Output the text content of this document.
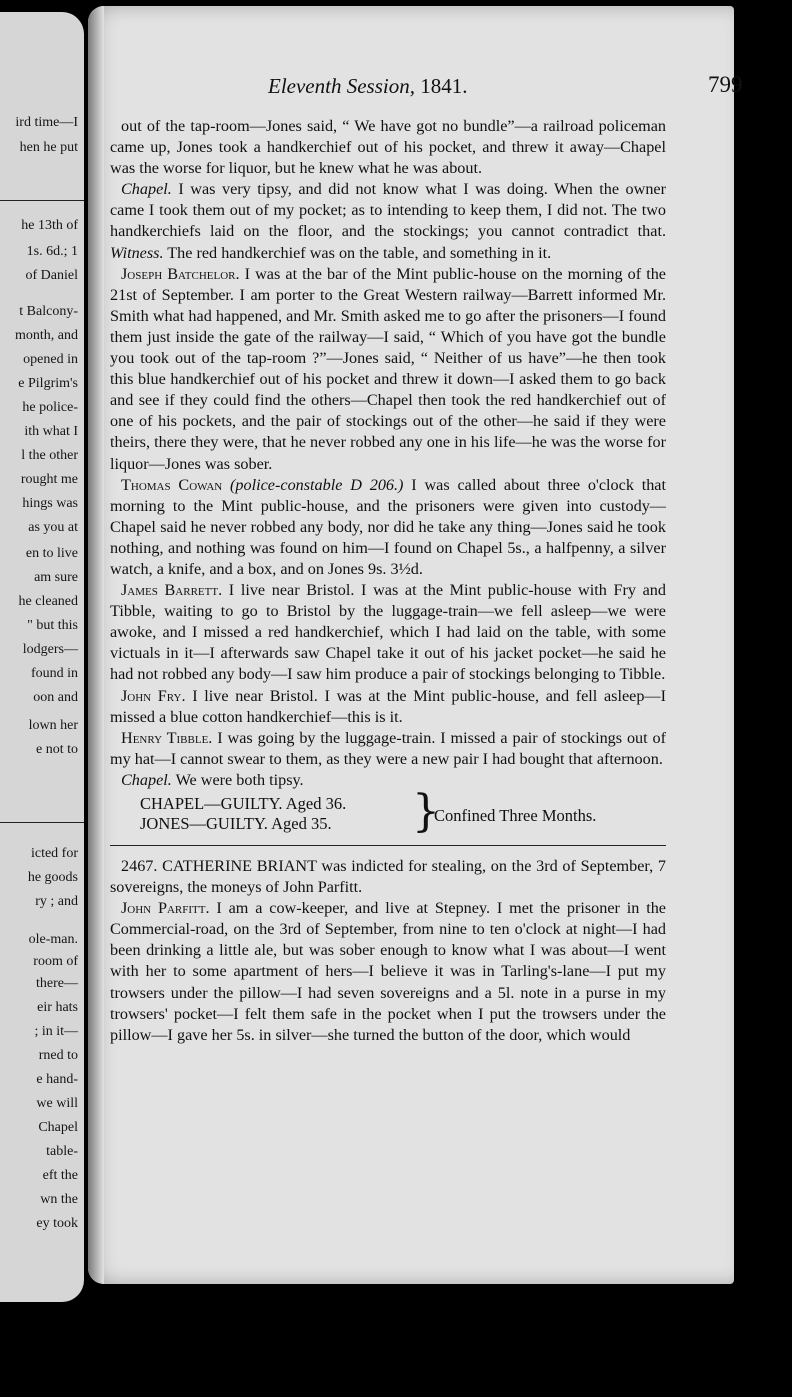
ird time—I
hen he put
he 13th of
1s. 6d.; 1
of Daniel
t Balcony-
month, and
opened in
e Pilgrim's
he police-
ith what I
l the other
rought me
hings was
as you at
en to live
am sure
he cleaned
" but this
lodgers—
found in
oon and
lown her
e not to
icted for
he goods
ry ; and
ole-man.
room of
there—
eir hats
; in it—
rned to
e hand-
we will
Chapel
table-
eft the
wn the
ey took
Eleventh Session, 1841.	799

out of the tap-room—Jones said, “ We have got no bundle”—a railroad policeman came up, Jones took a handkerchief out of his pocket, and threw it away—Chapel was the worse for liquor, but he knew what he was about.

Chapel. I was very tipsy, and did not know what I was doing. When the owner came I took them out of my pocket; as to intending to keep them, I did not. The two handkerchiefs laid on the floor, and the stockings; you cannot contradict that. Witness. The red handkerchief was on the table, and something in it.

Joseph Batchelor. I was at the bar of the Mint public-house on the morning of the 21st of September. I am porter to the Great Western railway—Barrett informed Mr. Smith what had happened, and Mr. Smith asked me to go after the prisoners—I found them just inside the gate of the railway—I said, “ Which of you have got the bundle you took out of the tap-room ?”—Jones said, “ Neither of us have”—he then took this blue handkerchief out of his pocket and threw it down—I asked them to go back and see if they could find the others—Chapel then took the red handkerchief out of one of his pockets, and the pair of stockings out of the other—he said if they were theirs, there they were, that he never robbed any one in his life—he was the worse for liquor—Jones was sober.

Thomas Cowan (police-constable D 206.) I was called about three o'clock that morning to the Mint public-house, and the prisoners were given into custody—Chapel said he never robbed any body, nor did he take any thing—Jones said he took nothing, and nothing was found on him—I found on Chapel 5s., a halfpenny, a silver watch, a knife, and a box, and on Jones 9s. 3½d.

James Barrett. I live near Bristol. I was at the Mint public-house with Fry and Tibble, waiting to go to Bristol by the luggage-train—we fell asleep—we were awoke, and I missed a red handkerchief, which I had laid on the table, with some victuals in it—I afterwards saw Chapel take it out of his jacket pocket—he said he had not robbed any body—I saw him produce a pair of stockings belonging to Tibble.

John Fry. I live near Bristol. I was at the Mint public-house, and fell asleep—I missed a blue cotton handkerchief—this is it.

Henry Tibble. I was going by the luggage-train. I missed a pair of stockings out of my hat—I cannot swear to them, as they were a new pair I had bought that afternoon.

Chapel. We were both tipsy.

CHAPEL—GUILTY. Aged 36.
JONES—GUILTY. Aged 35. }
Confined Three Months.

2467. CATHERINE BRIANT was indicted for stealing, on the 3rd of September, 7 sovereigns, the moneys of John Parfitt.

John Parfitt. I am a cow-keeper, and live at Stepney. I met the prisoner in the Commercial-road, on the 3rd of September, from nine to ten o'clock at night—I had been drinking a little ale, but was sober enough to know what I was about—I went with her to some apartment of hers—I believe it was in Tarling's-lane—I put my trowsers under the pillow—I had seven sovereigns and a 5l. note in a purse in my trowsers' pocket—I felt them safe in the pocket when I put the trowsers under the pillow—I gave her 5s. in silver—she turned the button of the door, which would
